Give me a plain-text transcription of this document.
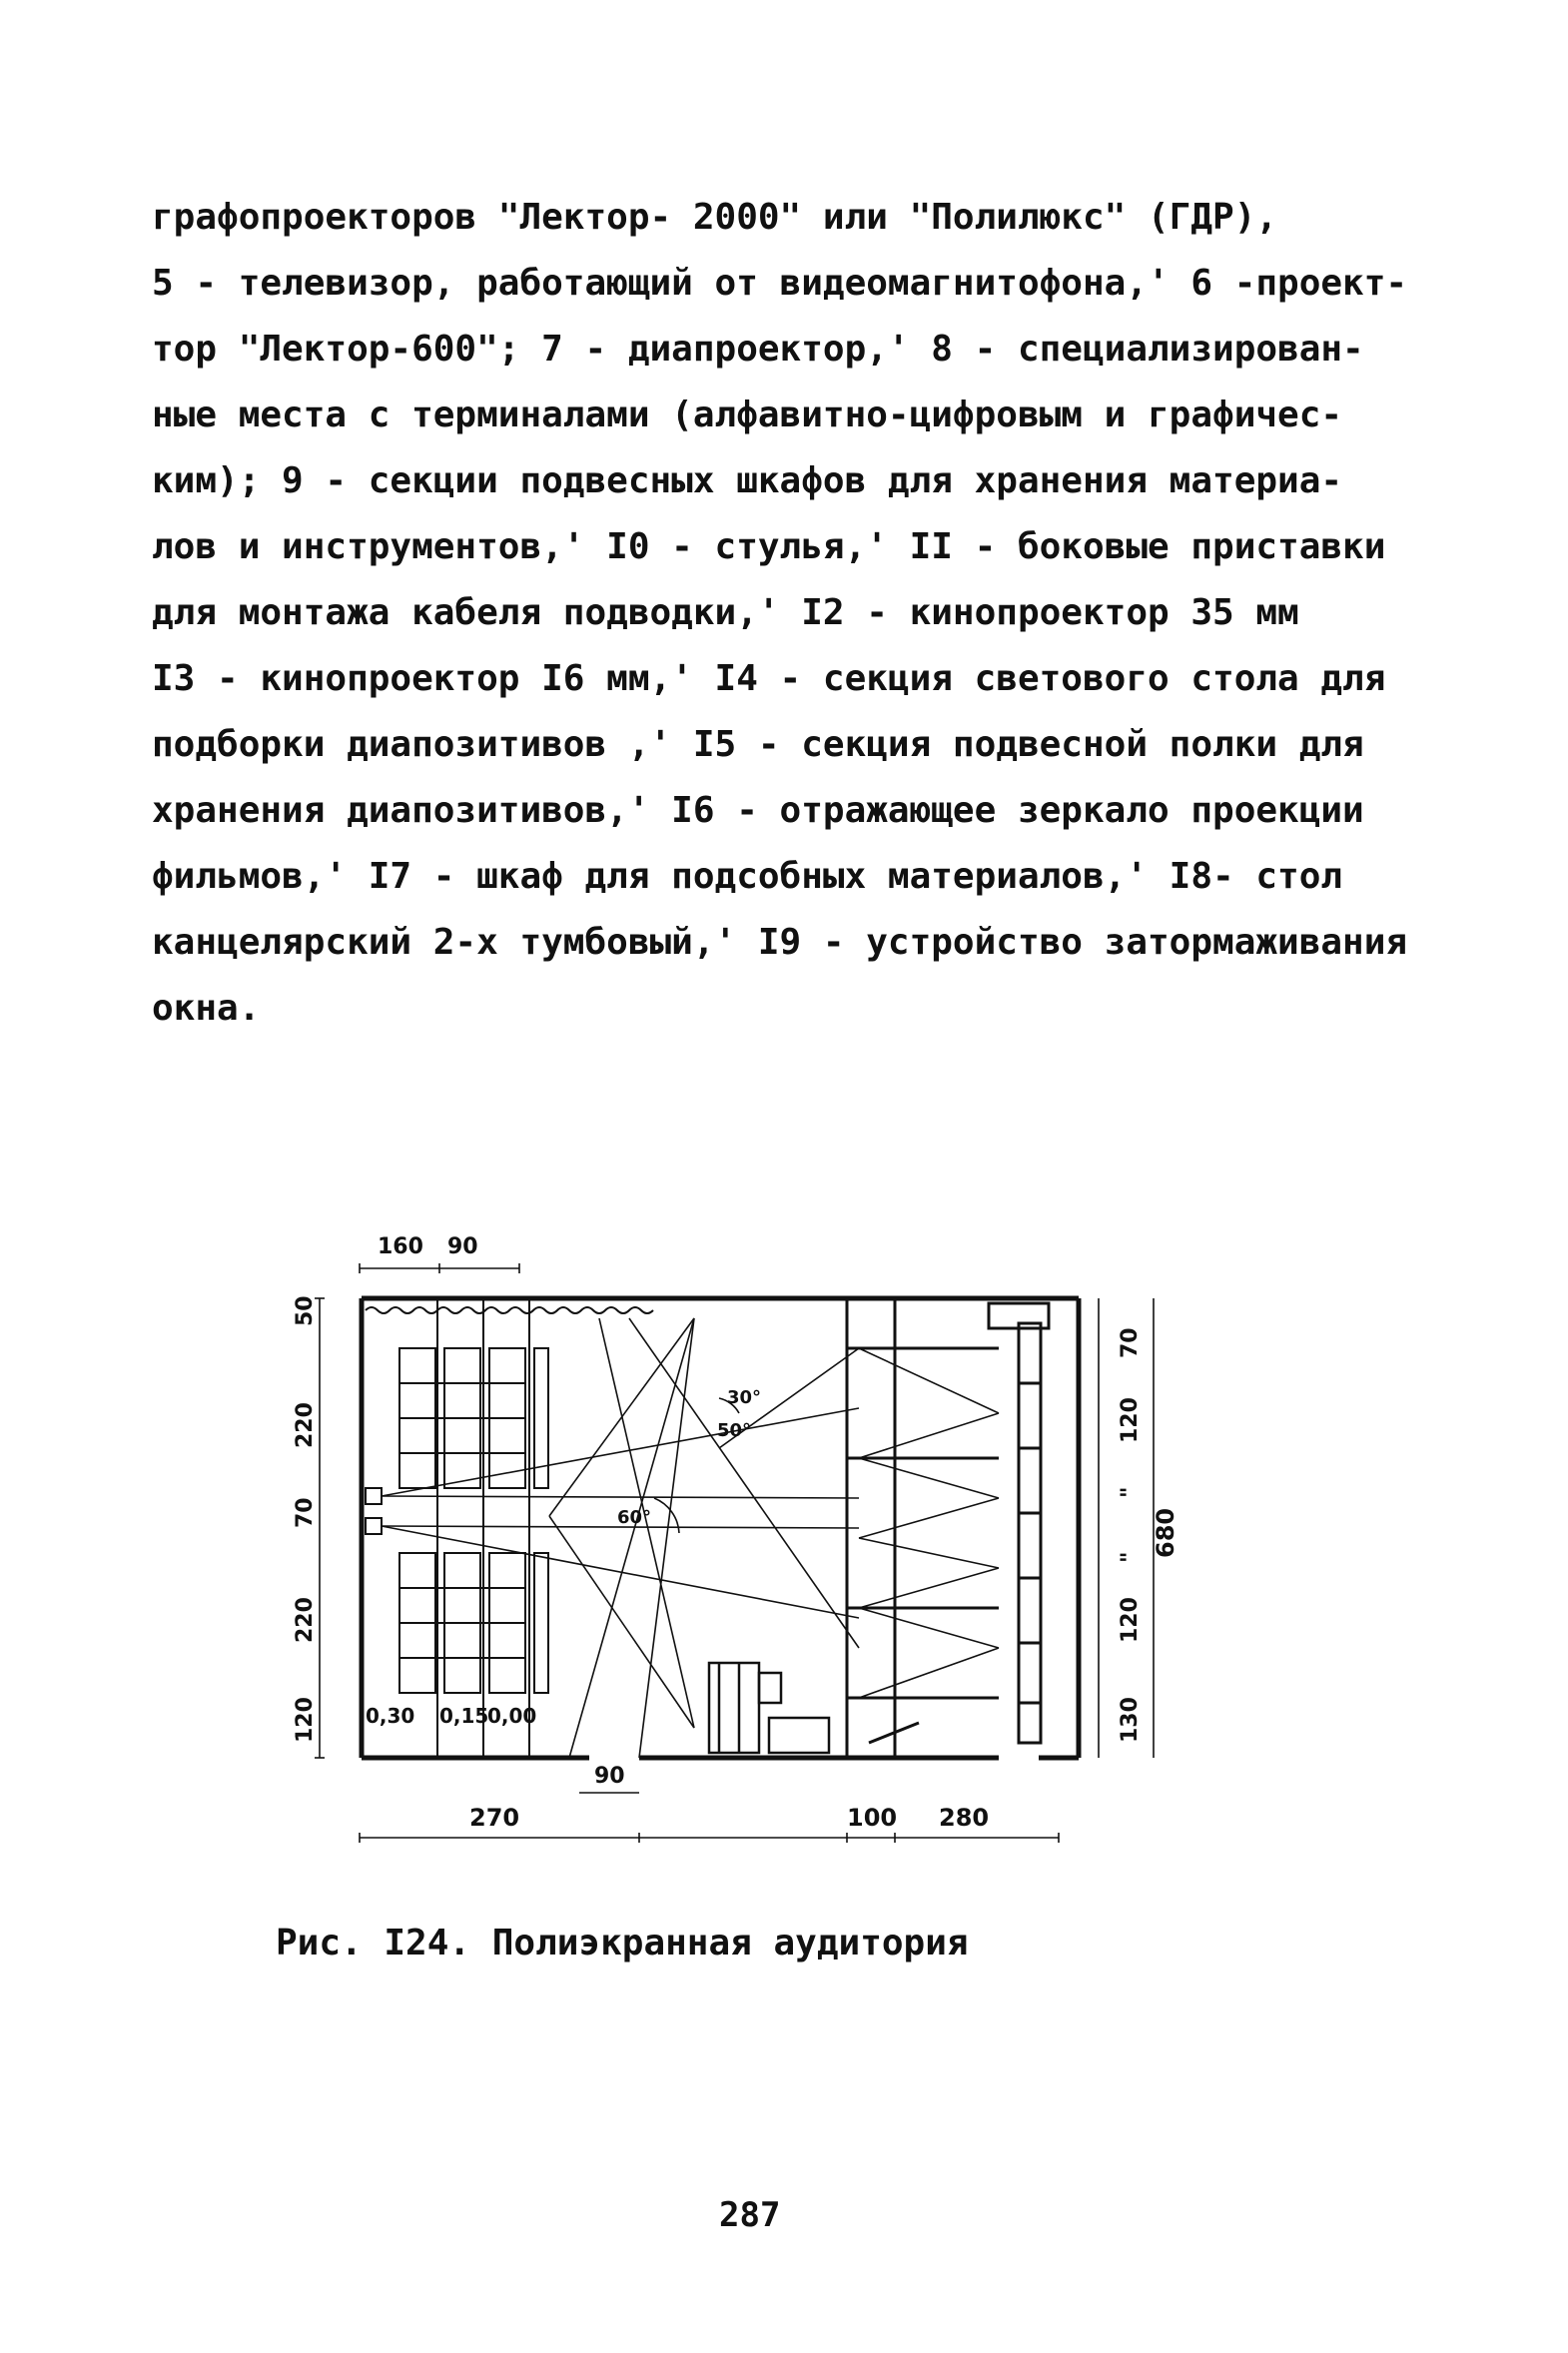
графопроекторов "Лектор- 2000" или "Полилюкс" (ГДР),
5 - телевизор, работающий от видеомагнитофона,' 6 -проект-
тор "Лектор-600"; 7 - диапроектор,' 8 - специализирован-
ные места с терминалами (алфавитно-цифровым и графичес-
ким); 9 - секции подвесных шкафов для хранения материа-
лов и инструментов,' I0 - стулья,' II - боковые приставки
для монтажа кабеля подводки,' I2 - кинопроектор 35 мм
I3 - кинопроектор I6 мм,' I4 - секция светового стола для
подборки диапозитивов ,' I5 - секция подвесной полки для
хранения диапозитивов,' I6 - отражающее зеркало проекции
фильмов,' I7 - шкаф для подсобных материалов,' I8- стол
канцелярский 2-х тумбовый,' I9 - устройство затормаживания
окна.
160 90
50
220
70
220
120
70
120
"
"
120
130
680
90
270	100 280
0,30 0,15
0,00
30°
50°
60°
Рис. I24. Полиэкранная аудитория
287
